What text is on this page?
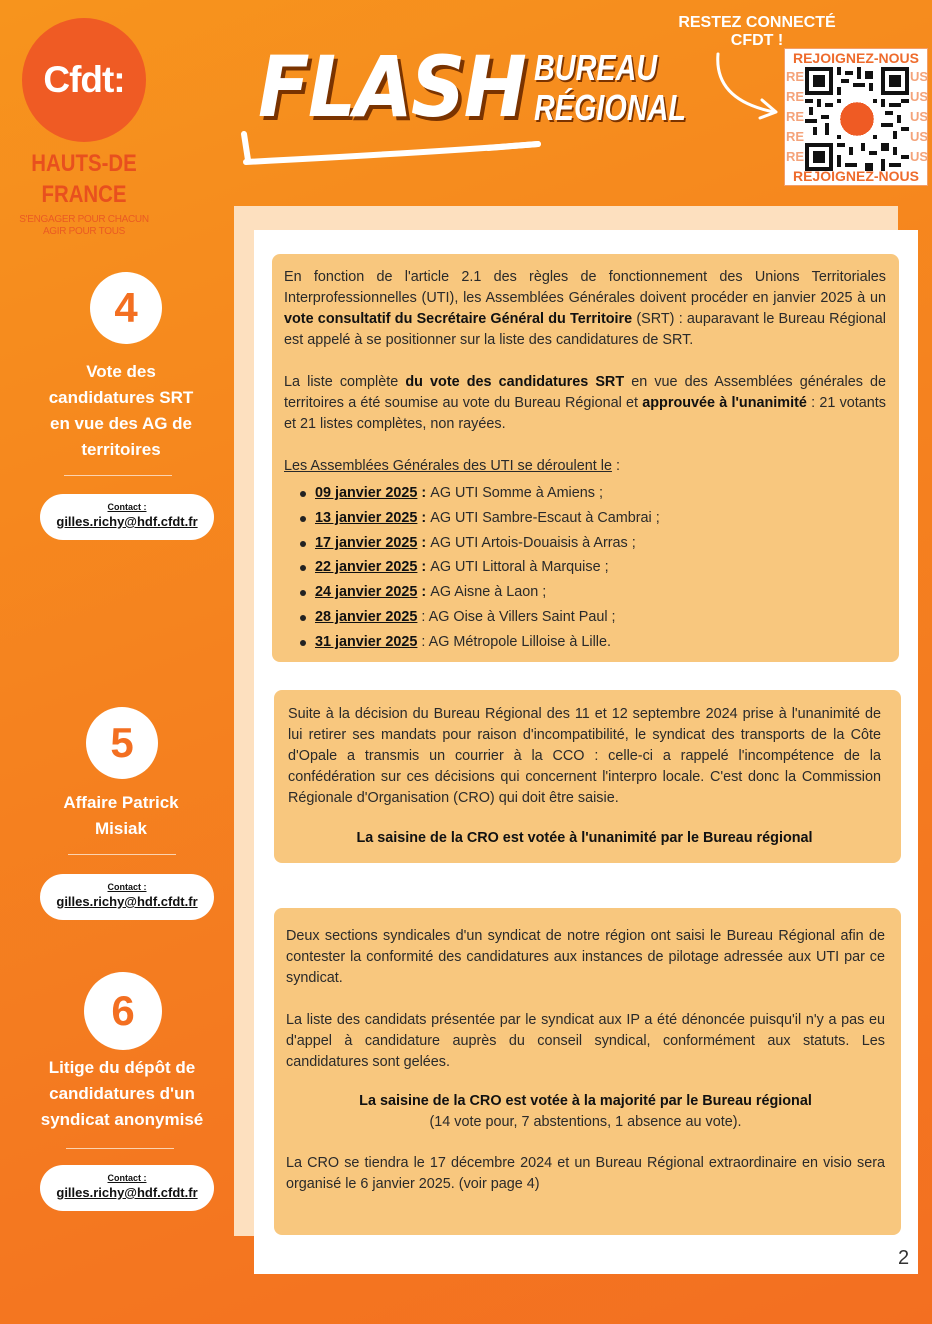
Cfdt:
HAUTS-DE
FRANCE
S'ENGAGER POUR CHACUN
AGIR POUR TOUS
FLASH BUREAU
RÉGIONAL
RESTEZ CONNECTÉ
CFDT !
REJOIGNEZ-NOUS
RE
RE
RE
RE
RE
US
US
US
US
US
REJOIGNEZ-NOUS
4
Vote des
candidatures SRT
en vue des AG de
territoires
Contact :
gilles.richy@hdf.cfdt.fr
5
Affaire Patrick
Misiak
Contact :
gilles.richy@hdf.cfdt.fr
6
Litige du dépôt de
candidatures d'un
syndicat anonymisé
Contact :
gilles.richy@hdf.cfdt.fr

En fonction de l'article 2.1 des règles de fonctionnement des Unions Territoriales Interprofessionnelles (UTI), les Assemblées Générales doivent procéder en janvier 2025 à un vote consultatif du Secrétaire Général du Territoire (SRT) : auparavant le Bureau Régional est appelé à se positionner sur la liste des candidatures de SRT.

La liste complète du vote des candidatures SRT en vue des Assemblées générales de territoires a été soumise au vote du Bureau Régional et approuvée à l'unanimité : 21 votants et 21 listes complètes, non rayées.

Les Assemblées Générales des UTI se déroulent le :

09 janvier 2025 : AG UTI Somme à Amiens ;
13 janvier 2025 : AG UTI Sambre-Escaut à Cambrai ;
17 janvier 2025 : AG UTI Artois-Douaisis à Arras ;
22 janvier 2025 : AG UTI Littoral à Marquise ;
24 janvier 2025 : AG Aisne à Laon ;
28 janvier 2025 : AG Oise à Villers Saint Paul ;
31 janvier 2025 : AG Métropole Lilloise à Lille.

Suite à la décision du Bureau Régional des 11 et 12 septembre 2024 prise à l'unanimité de lui retirer ses mandats pour raison d'incompatibilité, le syndicat des transports de la Côte d'Opale a transmis un courrier à la CCO : celle-ci a rappelé l'incompétence de la confédération sur ces décisions qui concernent l'interpro locale. C'est donc la Commission Régionale d'Organisation (CRO) qui doit être saisie.

La saisine de la CRO est votée à l'unanimité par le Bureau régional

Deux sections syndicales d'un syndicat de notre région ont saisi le Bureau Régional afin de contester la conformité des candidatures aux instances de pilotage adressée aux UTI par ce syndicat.

La liste des candidats présentée par le syndicat aux IP a été dénoncée puisqu'il n'y a pas eu d'appel à candidature auprès du conseil syndical, conformément aux statuts. Les candidatures sont gelées.

La saisine de la CRO est votée à la majorité par le Bureau régional

(14 vote pour, 7 abstentions, 1 absence au vote).

La CRO se tiendra le 17 décembre 2024 et un Bureau Régional extraordinaire en visio sera organisé le 6 janvier 2025. (voir page 4)

2
